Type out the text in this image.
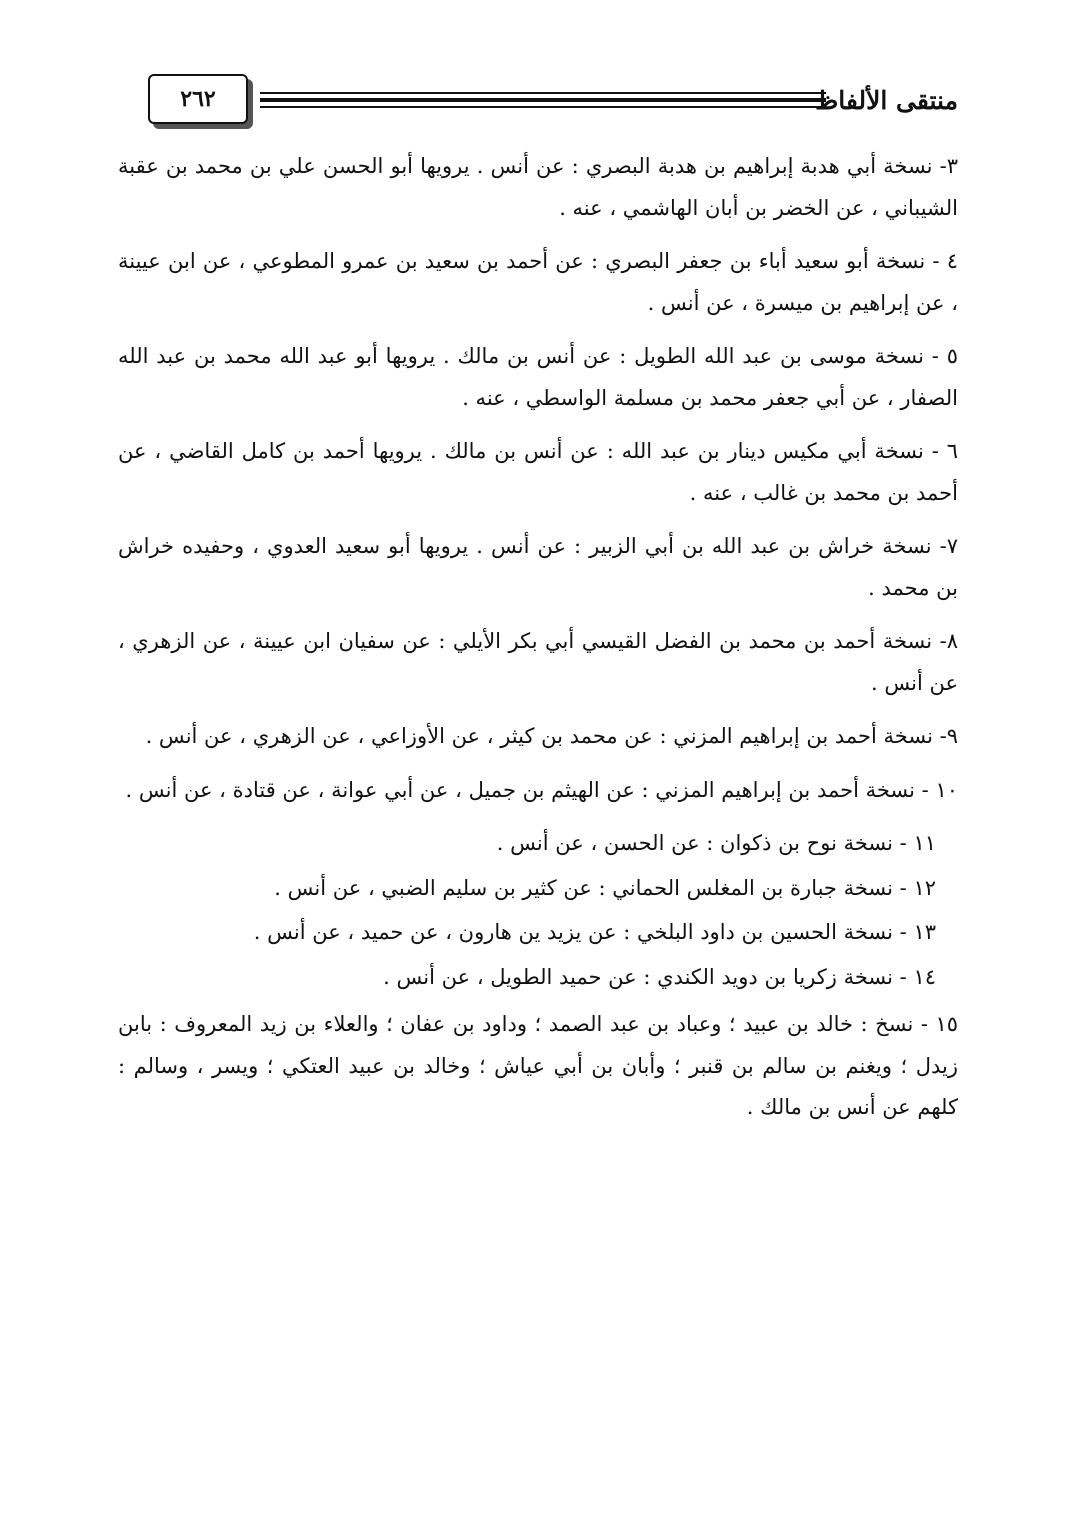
٢٦٢	منتقى الألفاظ

٣- نسخة أبي هدبة إبراهيم بن هدبة البصري : عن أنس . يرويها أبو الحسن علي بن محمد بن عقبة الشيباني ، عن الخضر بن أبان الهاشمي ، عنه .

٤ - نسخة أبو سعيد أباء بن جعفر البصري : عن أحمد بن سعيد بن عمرو المطوعي ، عن ابن عيينة ، عن إبراهيم بن ميسرة ، عن أنس .

٥ - نسخة موسى بن عبد الله الطويل : عن أنس بن مالك . يرويها أبو عبد الله محمد بن عبد الله الصفار ، عن أبي جعفر محمد بن مسلمة الواسطي ، عنه .

٦ - نسخة أبي مكيس دينار بن عبد الله : عن أنس بن مالك . يرويها أحمد بن كامل القاضي ، عن أحمد بن محمد بن غالب ، عنه .

٧- نسخة خراش بن عبد الله بن أبي الزبير : عن أنس . يرويها أبو سعيد العدوي ، وحفيده خراش بن محمد .

٨- نسخة أحمد بن محمد بن الفضل القيسي أبي بكر الأيلي : عن سفيان ابن عيينة ، عن الزهري ، عن أنس .

٩- نسخة أحمد بن إبراهيم المزني : عن محمد بن كيثر ، عن الأوزاعي ، عن الزهري ، عن أنس .

١٠ - نسخة أحمد بن إبراهيم المزني : عن الهيثم بن جميل ، عن أبي عوانة ، عن قتادة ، عن أنس .

١١ - نسخة نوح بن ذكوان : عن الحسن ، عن أنس .

١٢ - نسخة جبارة بن المغلس الحماني : عن كثير بن سليم الضبي ، عن أنس .

١٣ - نسخة الحسين بن داود البلخي : عن يزيد ين هارون ، عن حميد ، عن أنس .

١٤ - نسخة زكريا بن دويد الكندي : عن حميد الطويل ، عن أنس .

١٥ - نسخ : خالد بن عبيد ؛ وعباد بن عبد الصمد ؛ وداود بن عفان ؛ والعلاء بن زيد المعروف : بابن زيدل ؛ ويغنم بن سالم بن قنبر ؛ وأبان بن أبي عياش ؛ وخالد بن عبيد العتكي ؛ ويسر ، وسالم : كلهم عن أنس بن مالك .
